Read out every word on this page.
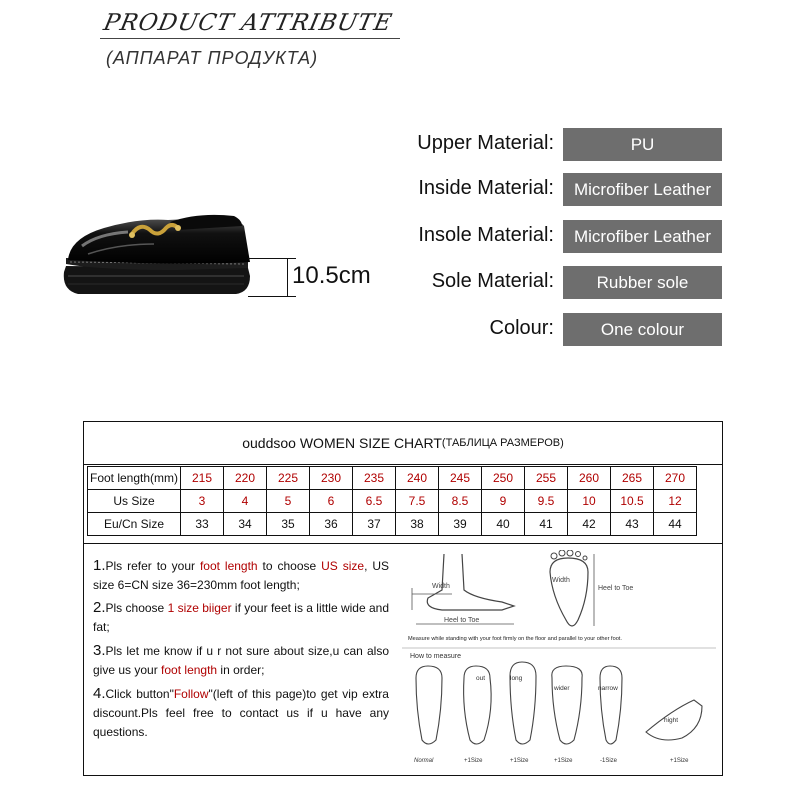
PRODUCT ATTRIBUTE
(АППАРАТ ПРОДУКТА)
10.5cm
Upper Material:	PU
Inside Material:	Microfiber Leather
Insole Material:	Microfiber Leather
Sole Material:	Rubber sole
Colour:	One colour
ouddsoo WOMEN SIZE CHART (ТАБЛИЦА РАЗМЕРОВ)
Foot length(mm)	215	220	225	230	235	240	245	250	255	260	265	270
Us Size	3	4	5	6	6.5	7.5	8.5	9	9.5	10	10.5	12
Eu/Cn Size	33	34	35	36	37	38	39	40	41	42	43	44
1.Pls refer to your foot length to choose US size, US size 6=CN size 36=230mm foot length;
2.Pls choose 1 size biiger if your feet is a little wide and fat;
3.Pls let me know if u r not sure about size,u can also give us your foot length in order;
4.Click button"Follow"(left of this page)to get vip extra discount.Pls feel free to contact us if u have any questions.
Width
Heel to Toe
Width
Heel to Toe
Measure while standing with your foot firmly on the floor and parallel to your other foot.
How to measure
out	long
wider	narrow
hight
Normal	+1Size	+1Size	+1Size	-1Size	+1Size
